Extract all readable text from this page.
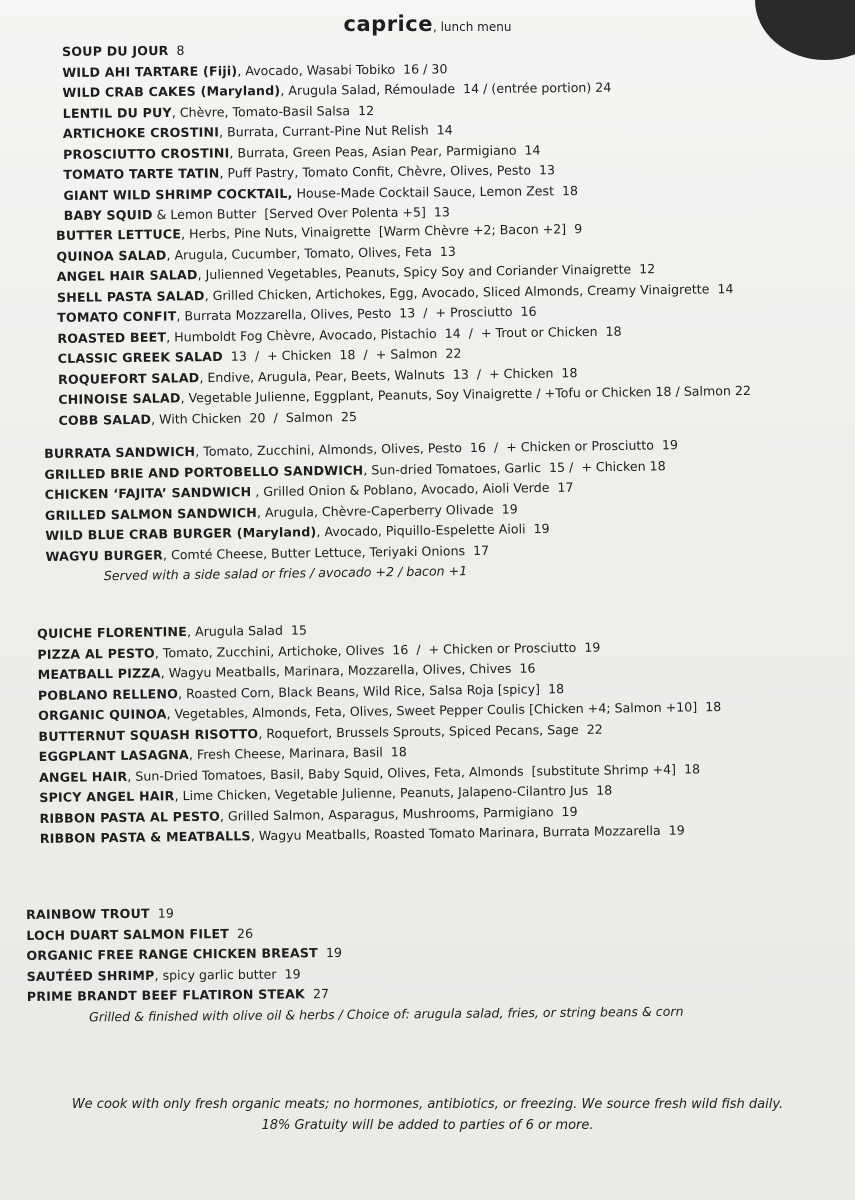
caprice, lunch menu
SOUP DU JOUR  8
WILD AHI TARTARE (Fiji), Avocado, Wasabi Tobiko  16 / 30
WILD CRAB CAKES (Maryland), Arugula Salad, Rémoulade  14 / (entrée portion) 24
LENTIL DU PUY, Chèvre, Tomato-Basil Salsa  12
ARTICHOKE CROSTINI, Burrata, Currant-Pine Nut Relish  14
PROSCIUTTO CROSTINI, Burrata, Green Peas, Asian Pear, Parmigiano  14
TOMATO TARTE TATIN, Puff Pastry, Tomato Confit, Chèvre, Olives, Pesto  13
GIANT WILD SHRIMP COCKTAIL, House-Made Cocktail Sauce, Lemon Zest  18
BABY SQUID & Lemon Butter  [Served Over Polenta +5]  13
BUTTER LETTUCE, Herbs, Pine Nuts, Vinaigrette  [Warm Chèvre +2; Bacon +2]  9
QUINOA SALAD, Arugula, Cucumber, Tomato, Olives, Feta  13
ANGEL HAIR SALAD, Julienned Vegetables, Peanuts, Spicy Soy and Coriander Vinaigrette  12
SHELL PASTA SALAD, Grilled Chicken, Artichokes, Egg, Avocado, Sliced Almonds, Creamy Vinaigrette  14
TOMATO CONFIT, Burrata Mozzarella, Olives, Pesto  13  /  + Prosciutto  16
ROASTED BEET, Humboldt Fog Chèvre, Avocado, Pistachio  14  /  + Trout or Chicken  18
CLASSIC GREEK SALAD  13  /  + Chicken  18  /  + Salmon  22
ROQUEFORT SALAD, Endive, Arugula, Pear, Beets, Walnuts  13  /  + Chicken  18
CHINOISE SALAD, Vegetable Julienne, Eggplant, Peanuts, Soy Vinaigrette / +Tofu or Chicken 18 / Salmon 22
COBB SALAD, With Chicken  20  /  Salmon  25
BURRATA SANDWICH, Tomato, Zucchini, Almonds, Olives, Pesto  16  /  + Chicken or Prosciutto  19
GRILLED BRIE AND PORTOBELLO SANDWICH, Sun-dried Tomatoes, Garlic  15 /  + Chicken 18
CHICKEN ‘FAJITA’ SANDWICH , Grilled Onion & Poblano, Avocado, Aioli Verde  17
GRILLED SALMON SANDWICH, Arugula, Chèvre-Caperberry Olivade  19
WILD BLUE CRAB BURGER (Maryland), Avocado, Piquillo-Espelette Aioli  19
WAGYU BURGER, Comté Cheese, Butter Lettuce, Teriyaki Onions  17
Served with a side salad or fries / avocado +2 / bacon +1
QUICHE FLORENTINE, Arugula Salad  15
PIZZA AL PESTO, Tomato, Zucchini, Artichoke, Olives  16  /  + Chicken or Prosciutto  19
MEATBALL PIZZA, Wagyu Meatballs, Marinara, Mozzarella, Olives, Chives  16
POBLANO RELLENO, Roasted Corn, Black Beans, Wild Rice, Salsa Roja [spicy]  18
ORGANIC QUINOA, Vegetables, Almonds, Feta, Olives, Sweet Pepper Coulis [Chicken +4; Salmon +10]  18
BUTTERNUT SQUASH RISOTTO, Roquefort, Brussels Sprouts, Spiced Pecans, Sage  22
EGGPLANT LASAGNA, Fresh Cheese, Marinara, Basil  18
ANGEL HAIR, Sun-Dried Tomatoes, Basil, Baby Squid, Olives, Feta, Almonds  [substitute Shrimp +4]  18
SPICY ANGEL HAIR, Lime Chicken, Vegetable Julienne, Peanuts, Jalapeno-Cilantro Jus  18
RIBBON PASTA AL PESTO, Grilled Salmon, Asparagus, Mushrooms, Parmigiano  19
RIBBON PASTA & MEATBALLS, Wagyu Meatballs, Roasted Tomato Marinara, Burrata Mozzarella  19
RAINBOW TROUT  19
LOCH DUART SALMON FILET  26
ORGANIC FREE RANGE CHICKEN BREAST  19
SAUTÉED SHRIMP, spicy garlic butter  19
PRIME BRANDT BEEF FLATIRON STEAK  27
Grilled & finished with olive oil & herbs / Choice of: arugula salad, fries, or string beans & corn
We cook with only fresh organic meats; no hormones, antibiotics, or freezing. We source fresh wild fish daily.
18% Gratuity will be added to parties of 6 or more.
